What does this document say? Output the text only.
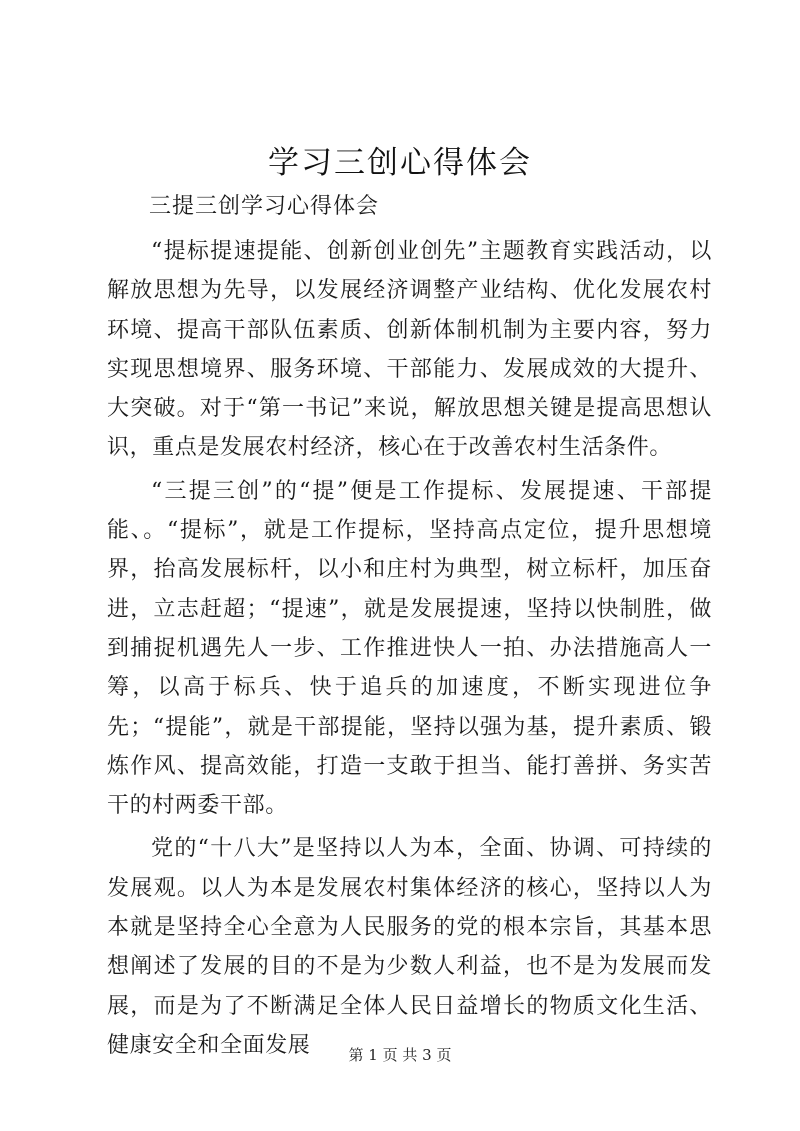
学习三创心得体会
三提三创学习心得体会

“提标提速提能、创新创业创先”主题教育实践活动，以解放思想为先导，以发展经济调整产业结构、优化发展农村环境、提高干部队伍素质、创新体制机制为主要内容，努力实现思想境界、服务环境、干部能力、发展成效的大提升、大突破。对于“第一书记”来说，解放思想关键是提高思想认识，重点是发展农村经济，核心在于改善农村生活条件。

“三提三创”的“提”便是工作提标、发展提速、干部提能、。“提标”，就是工作提标，坚持高点定位，提升思想境界，抬高发展标杆，以小和庄村为典型，树立标杆，加压奋进，立志赶超；“提速”，就是发展提速，坚持以快制胜，做到捕捉机遇先人一步、工作推进快人一拍、办法措施高人一筹，以高于标兵、快于追兵的加速度，不断实现进位争先；“提能”，就是干部提能，坚持以强为基，提升素质、锻炼作风、提高效能，打造一支敢于担当、能打善拼、务实苦干的村两委干部。

党的“十八大”是坚持以人为本，全面、协调、可持续的发展观。以人为本是发展农村集体经济的核心，坚持以人为本就是坚持全心全意为人民服务的党的根本宗旨，其基本思想阐述了发展的目的不是为少数人利益，也不是为发展而发展，而是为了不断满足全体人民日益增长的物质文化生活、健康安全和全面发展	第 1 页 共 3 页
